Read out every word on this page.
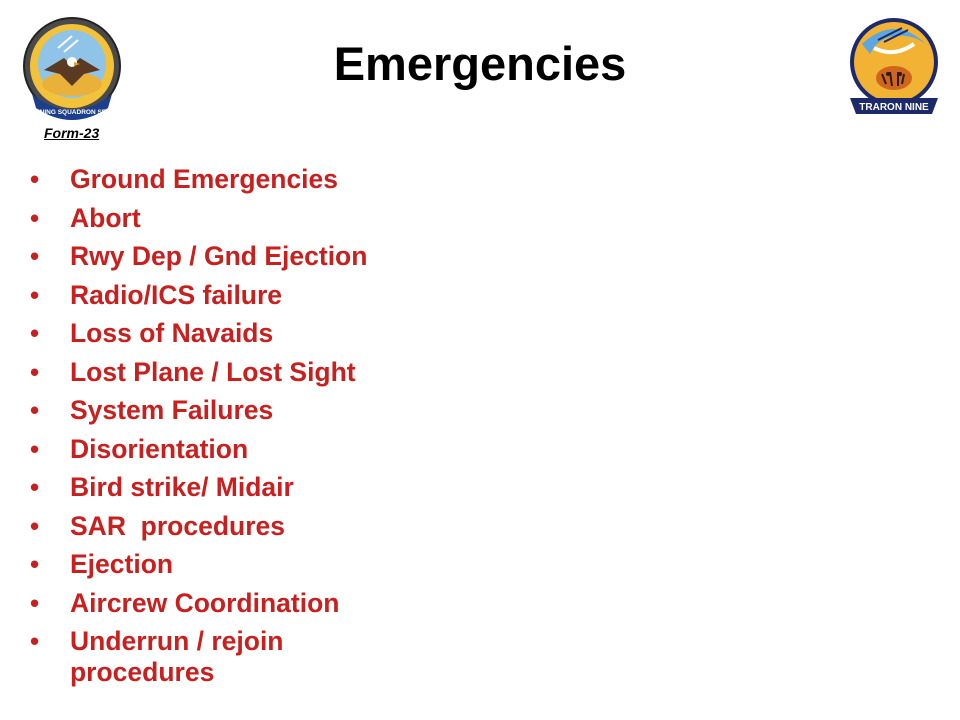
TRAINING SQUADRON SEVEN	TRARON NINE
Emergencies
Form-23
•	Ground Emergencies
•	Abort
•	Rwy Dep / Gnd Ejection
•	Radio/ICS failure
•	Loss of Navaids
•	Lost Plane / Lost Sight
•	System Failures
•	Disorientation
•	Bird strike/ Midair
•	SAR  procedures
•	Ejection
•	Aircrew Coordination
•	Underrun / rejoin procedures
